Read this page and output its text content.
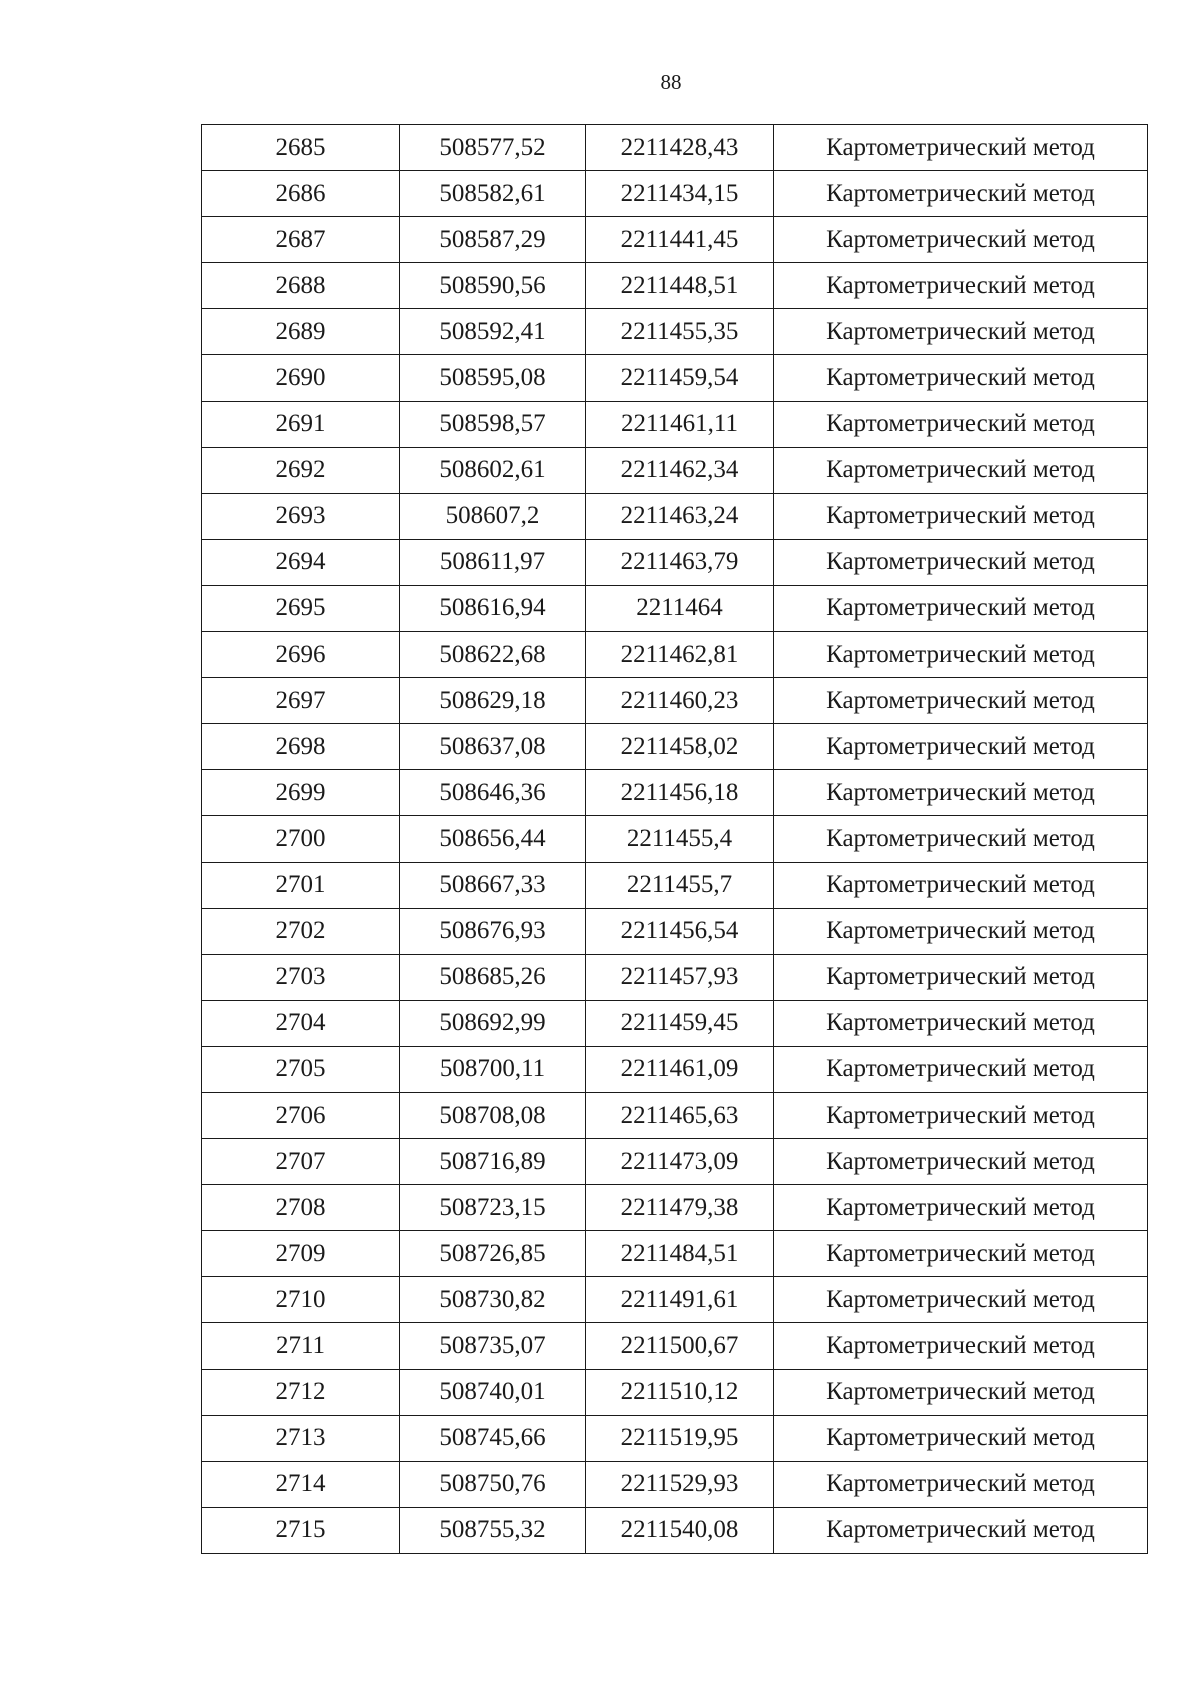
88
2685	508577,52	2211428,43	Картометрический метод
2686	508582,61	2211434,15	Картометрический метод
2687	508587,29	2211441,45	Картометрический метод
2688	508590,56	2211448,51	Картометрический метод
2689	508592,41	2211455,35	Картометрический метод
2690	508595,08	2211459,54	Картометрический метод
2691	508598,57	2211461,11	Картометрический метод
2692	508602,61	2211462,34	Картометрический метод
2693	508607,2	2211463,24	Картометрический метод
2694	508611,97	2211463,79	Картометрический метод
2695	508616,94	2211464	Картометрический метод
2696	508622,68	2211462,81	Картометрический метод
2697	508629,18	2211460,23	Картометрический метод
2698	508637,08	2211458,02	Картометрический метод
2699	508646,36	2211456,18	Картометрический метод
2700	508656,44	2211455,4	Картометрический метод
2701	508667,33	2211455,7	Картометрический метод
2702	508676,93	2211456,54	Картометрический метод
2703	508685,26	2211457,93	Картометрический метод
2704	508692,99	2211459,45	Картометрический метод
2705	508700,11	2211461,09	Картометрический метод
2706	508708,08	2211465,63	Картометрический метод
2707	508716,89	2211473,09	Картометрический метод
2708	508723,15	2211479,38	Картометрический метод
2709	508726,85	2211484,51	Картометрический метод
2710	508730,82	2211491,61	Картометрический метод
2711	508735,07	2211500,67	Картометрический метод
2712	508740,01	2211510,12	Картометрический метод
2713	508745,66	2211519,95	Картометрический метод
2714	508750,76	2211529,93	Картометрический метод
2715	508755,32	2211540,08	Картометрический метод
